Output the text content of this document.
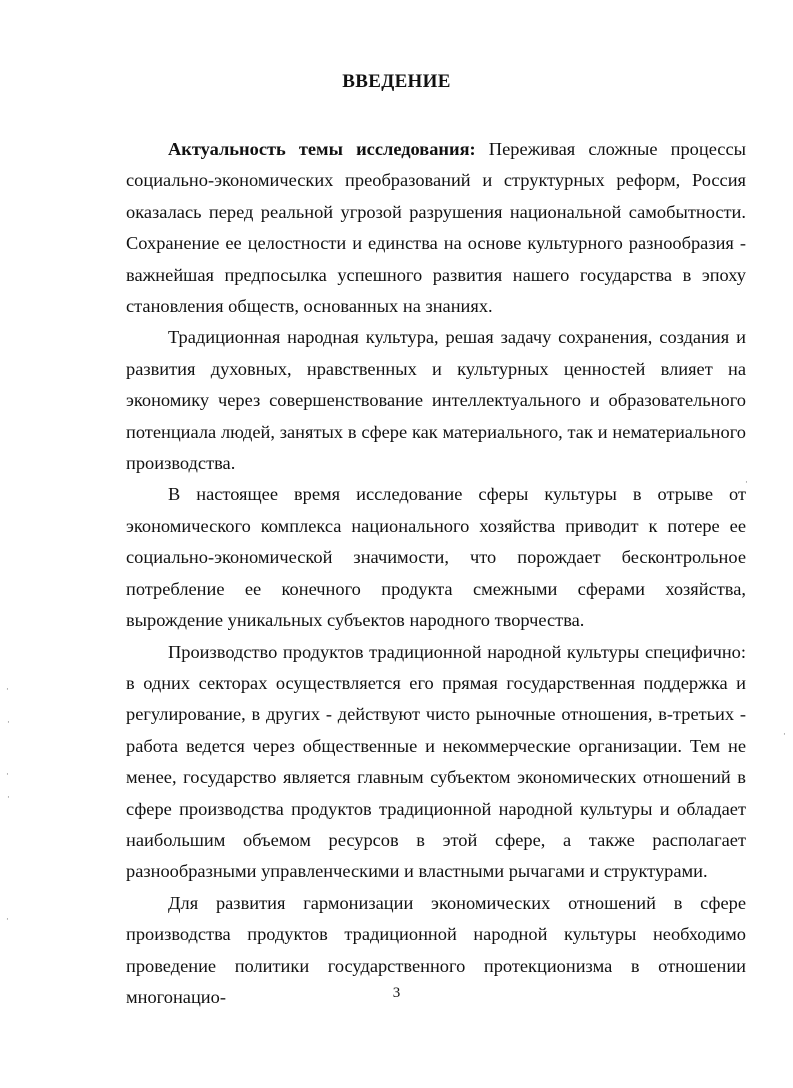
ВВЕДЕНИЕ

Актуальность темы исследования: Переживая сложные процессы социально-экономических преобразований и структурных реформ, Россия оказалась перед реальной угрозой разрушения национальной самобытности. Сохранение ее целостности и единства на основе культурного разнообразия - важнейшая предпосылка успешного развития нашего государства в эпоху становления обществ, основанных на знаниях.

Традиционная народная культура, решая задачу сохранения, создания и развития духовных, нравственных и культурных ценностей влияет на экономику через совершенствование интеллектуального и образовательного потенциала людей, занятых в сфере как материального, так и нематериального производства.

В настоящее время исследование сферы культуры в отрыве от экономического комплекса национального хозяйства приводит к потере ее социально-экономической значимости, что порождает бесконтрольное потребление ее конечного продукта смежными сферами хозяйства, вырождение уникальных субъектов народного творчества.

Производство продуктов традиционной народной культуры специфично: в одних секторах осуществляется его прямая государственная поддержка и регулирование, в других - действуют чисто рыночные отношения, в-третьих - работа ведется через общественные и некоммерческие организации. Тем не менее, государство является главным субъектом экономических отношений в сфере производства продуктов традиционной народной культуры и обладает наибольшим объемом ресурсов в этой сфере, а также располагает разнообразными управленческими и властными рычагами и структурами.

Для развития гармонизации экономических отношений в сфере производства продуктов традиционной народной культуры необходимо проведение политики государственного протекционизма в отношении многонацио-	3
·
·
·
·
·
·
·
